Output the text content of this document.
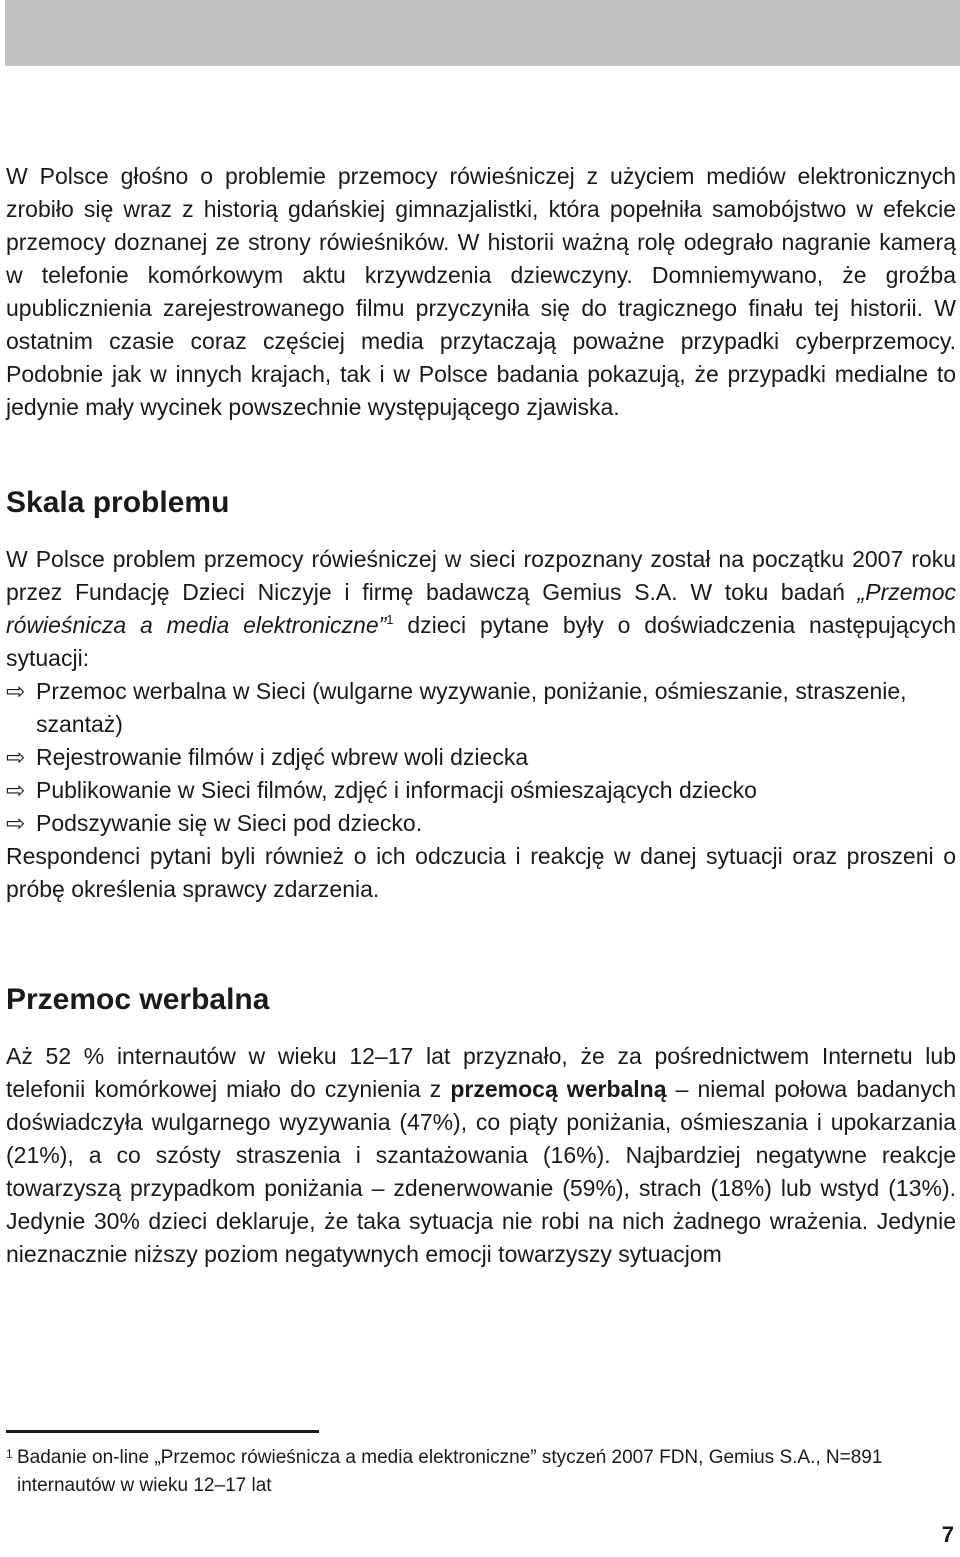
W Polsce głośno o problemie przemocy rówieśniczej z użyciem mediów elektronicznych zrobiło się wraz z historią gdańskiej gimnazjalistki, która popełniła samobójstwo w efekcie przemocy doznanej ze strony rówieśników. W historii ważną rolę odegrało nagranie kamerą w telefonie komórkowym aktu krzywdzenia dziewczyny. Domniemywano, że groźba upublicznienia zarejestrowanego filmu przyczyniła się do tragicznego finału tej historii. W ostatnim czasie coraz częściej media przytaczają poważne przypadki cyberprzemocy. Podobnie jak w innych krajach, tak i w Polsce badania pokazują, że przypadki medialne to jedynie mały wycinek powszechnie występującego zjawiska.

Skala problemu

W Polsce problem przemocy rówieśniczej w sieci rozpoznany został na początku 2007 roku przez Fundację Dzieci Niczyje i firmę badawczą Gemius S.A. W toku badań „Przemoc rówieśnicza a media elektroniczne”$^1$ dzieci pytane były o doświadczenia następujących sytuacji:

⇨ Przemoc werbalna w Sieci (wulgarne wyzywanie, poniżanie, ośmieszanie, straszenie, szantaż)
⇨ Rejestrowanie filmów i zdjęć wbrew woli dziecka
⇨ Publikowanie w Sieci filmów, zdjęć i informacji ośmieszających dziecko
⇨ Podszywanie się w Sieci pod dziecko.

Respondenci pytani byli również o ich odczucia i reakcję w danej sytuacji oraz proszeni o próbę określenia sprawcy zdarzenia.

Przemoc werbalna

Aż 52 % internautów w wieku 12–17 lat przyznało, że za pośrednictwem Internetu lub telefonii komórkowej miało do czynienia z przemocą werbalną – niemal połowa badanych doświadczyła wulgarnego wyzywania (47%), co piąty poniżania, ośmieszania i upokarzania (21%), a co szósty straszenia i szantażowania (16%). Najbardziej negatywne reakcje towarzyszą przypadkom poniżania – zdenerwowanie (59%), strach (18%) lub wstyd (13%). Jedynie 30% dzieci deklaruje, że taka sytuacja nie robi na nich żadnego wrażenia. Jedynie nieznacznie niższy poziom negatywnych emocji towarzyszy sytuacjom

1 Badanie on-line „Przemoc rówieśnicza a media elektroniczne” styczeń 2007 FDN, Gemius S.A., N=891 internautów w wieku 12–17 lat
7
